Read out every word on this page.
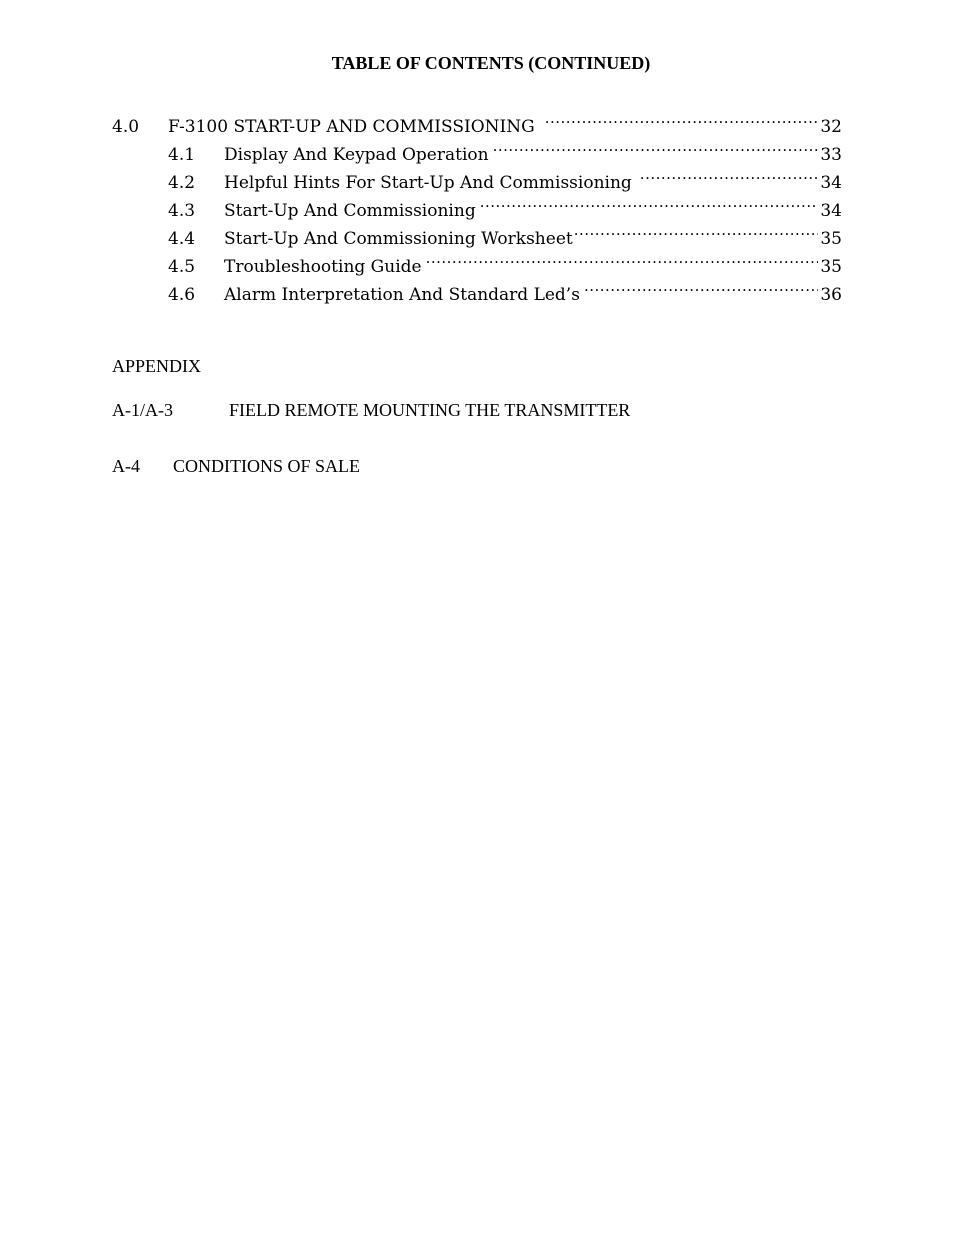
TABLE OF CONTENTS (CONTINUED)
4.0	F-3100 START-UP AND COMMISSIONING .....	32
4.1	Display And Keypad Operation .....	33
4.2	Helpful Hints For Start-Up And Commissioning .....	34
4.3	Start-Up And Commissioning .....	34
4.4	Start-Up And Commissioning Worksheet .....	35
4.5	Troubleshooting Guide .....	35
4.6	Alarm Interpretation And Standard Led’s .....	36
APPENDIX
A-1/A-3	FIELD REMOTE MOUNTING THE TRANSMITTER
A-4 CONDITIONS OF SALE
